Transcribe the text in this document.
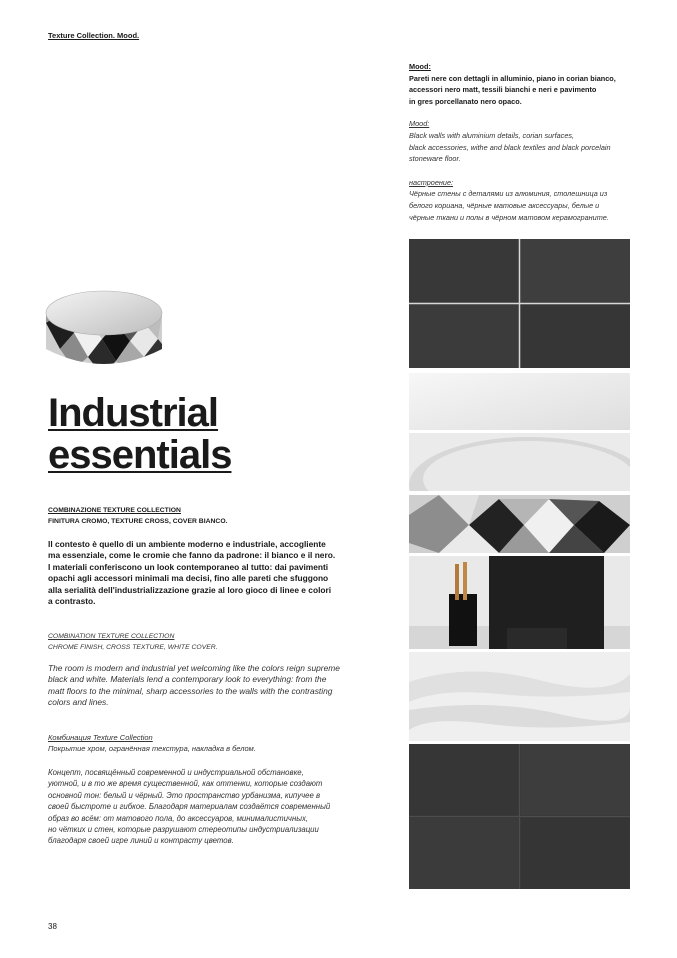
Texture Collection. Mood.
Mood:

Pareti nere con dettagli in alluminio, piano in corian bianco,
accessori nero matt, tessili bianchi e neri e pavimento
in gres porcellanato nero opaco.

Mood:

Black walls with aluminium details, corian surfaces,
black accessories, withe and black textiles and black porcelain
stoneware floor.

настроение:

Чёрные стены с деталями из алюминия, столешница из
белого кориана, чёрные матовые аксессуары, белые и
чёрные ткани и полы в чёрном матовом керамограните.

Industrial
essentials
COMBINAZIONE TEXTURE COLLECTION
FINITURA CROMO, TEXTURE CROSS, COVER BIANCO.
Il contesto è quello di un ambiente moderno e industriale, accogliente
ma essenziale, come le cromie che fanno da padrone: il bianco e il nero.
I materiali conferiscono un look contemporaneo al tutto: dai pavimenti
opachi agli accessori minimali ma decisi, fino alle pareti che sfuggono
alla serialità dell'industrializzazione grazie al loro gioco di linee e colori
a contrasto.
COMBINATION TEXTURE COLLECTION
CHROME FINISH, CROSS TEXTURE, WHITE COVER.
The room is modern and industrial yet welcoming like the colors reign supreme
black and white. Materials lend a contemporary look to everything: from the
matt floors to the minimal, sharp accessories to the walls with the contrasting
colors and lines.
Комбинация Texture Collection
Покрытие хром, огранённая текстура, накладка в белом.
Концепт, посвящённый современной и индустриальной обстановке,
уютной, и в то же время существенной, как оттенки, которые создают
основной тон: белый и чёрный. Это пространство урбанизма, кипучее в
своей быстроте и гибкое. Благодаря материалам создаётся современный
образ во всём: от матового пола, до аксессуаров, минималистичных,
но чётких и стен, которые разрушают стереотипы индустриализации
благодаря своей игре линий и контрасту цветов.
38
